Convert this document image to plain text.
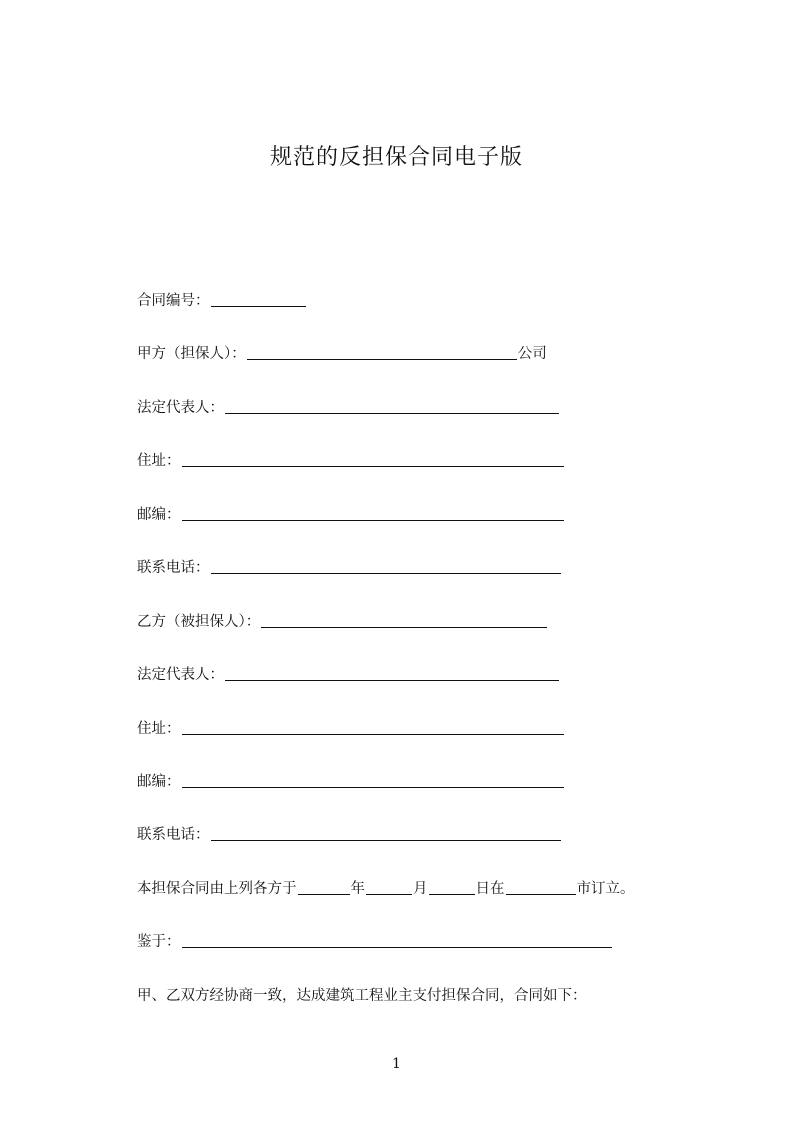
规范的反担保合同电子版
合同编号：
甲方（担保人）：	公司
法定代表人：
住址：
邮编：
联系电话：
乙方（被担保人）：
法定代表人：
住址：
邮编：
联系电话：
本担保合同由上列各方于	年	月	日在	市订立。
鉴于：
甲、乙双方经协商一致，达成建筑工程业主支付担保合同，合同如下：
1
